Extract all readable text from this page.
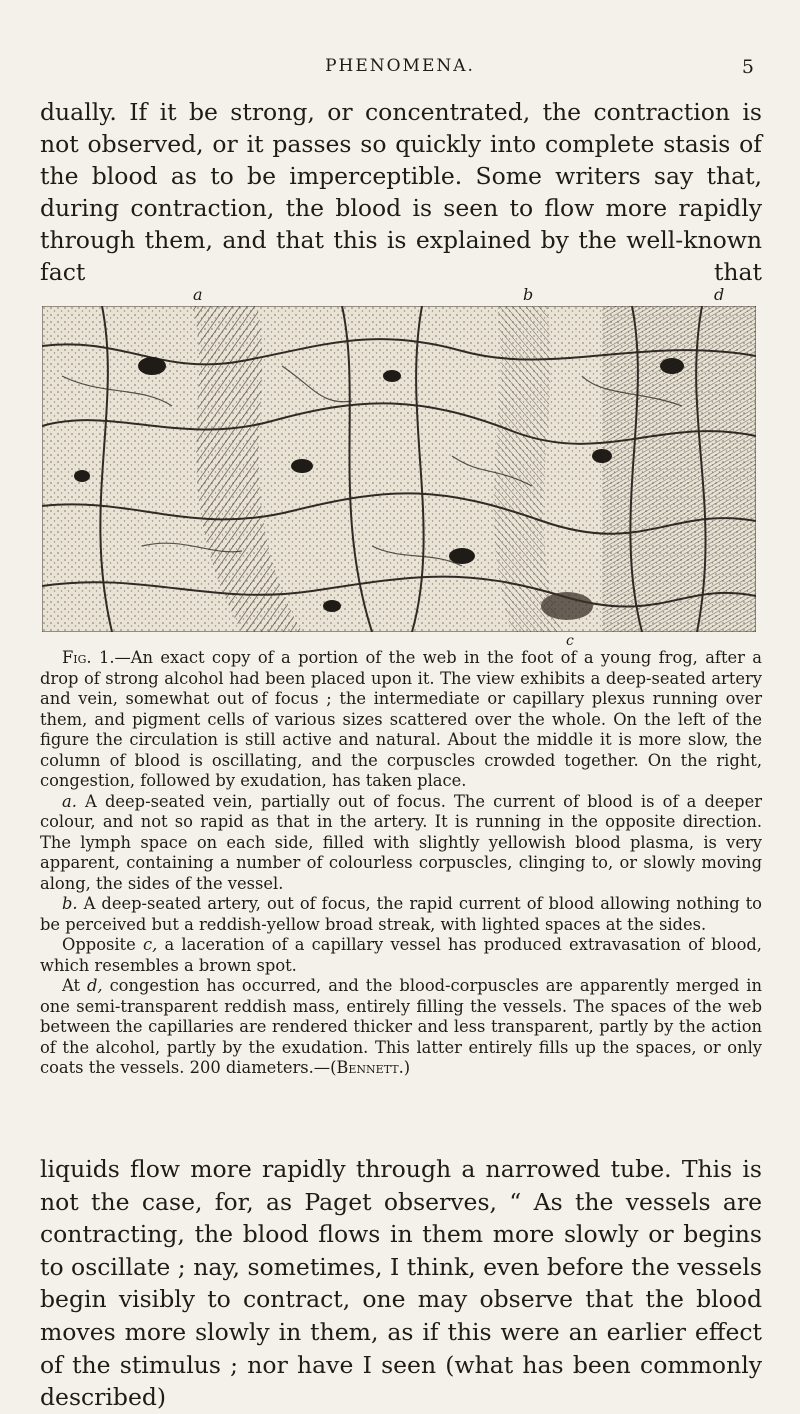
PHENOMENA.	5

dually. If it be strong, or concentrated, the contraction is not observed, or it passes so quickly into complete stasis of the blood as to be imperceptible. Some writers say that, during contraction, the blood is seen to flow more rapidly through them, and that this is explained by the well-known fact that

a	b	d
c

Fig. 1.—An exact copy of a portion of the web in the foot of a young frog, after a drop of strong alcohol had been placed upon it. The view exhibits a deep-seated artery and vein, somewhat out of focus ; the intermediate or capillary plexus running over them, and pigment cells of various sizes scattered over the whole. On the left of the figure the circulation is still active and natural. About the middle it is more slow, the column of blood is oscillating, and the corpuscles crowded together. On the right, congestion, followed by exudation, has taken place.

a. A deep-seated vein, partially out of focus. The current of blood is of a deeper colour, and not so rapid as that in the artery. It is running in the opposite direction. The lymph space on each side, filled with slightly yellowish blood plasma, is very apparent, containing a number of colourless corpuscles, clinging to, or slowly moving along, the sides of the vessel.

b. A deep-seated artery, out of focus, the rapid current of blood allowing nothing to be perceived but a reddish-yellow broad streak, with lighted spaces at the sides.

Opposite c, a laceration of a capillary vessel has produced extravasation of blood, which resembles a brown spot.

At d, congestion has occurred, and the blood-corpuscles are apparently merged in one semi-transparent reddish mass, entirely filling the vessels. The spaces of the web between the capillaries are rendered thicker and less transparent, partly by the action of the alcohol, partly by the exudation. This latter entirely fills up the spaces, or only coats the vessels. 200 diameters.—(Bennett.)

liquids flow more rapidly through a narrowed tube. This is not the case, for, as Paget observes, “ As the vessels are contracting, the blood flows in them more slowly or begins to oscillate ; nay, sometimes, I think, even before the vessels begin visibly to contract, one may observe that the blood moves more slowly in them, as if this were an earlier effect of the stimulus ; nor have I seen (what has been commonly described)
